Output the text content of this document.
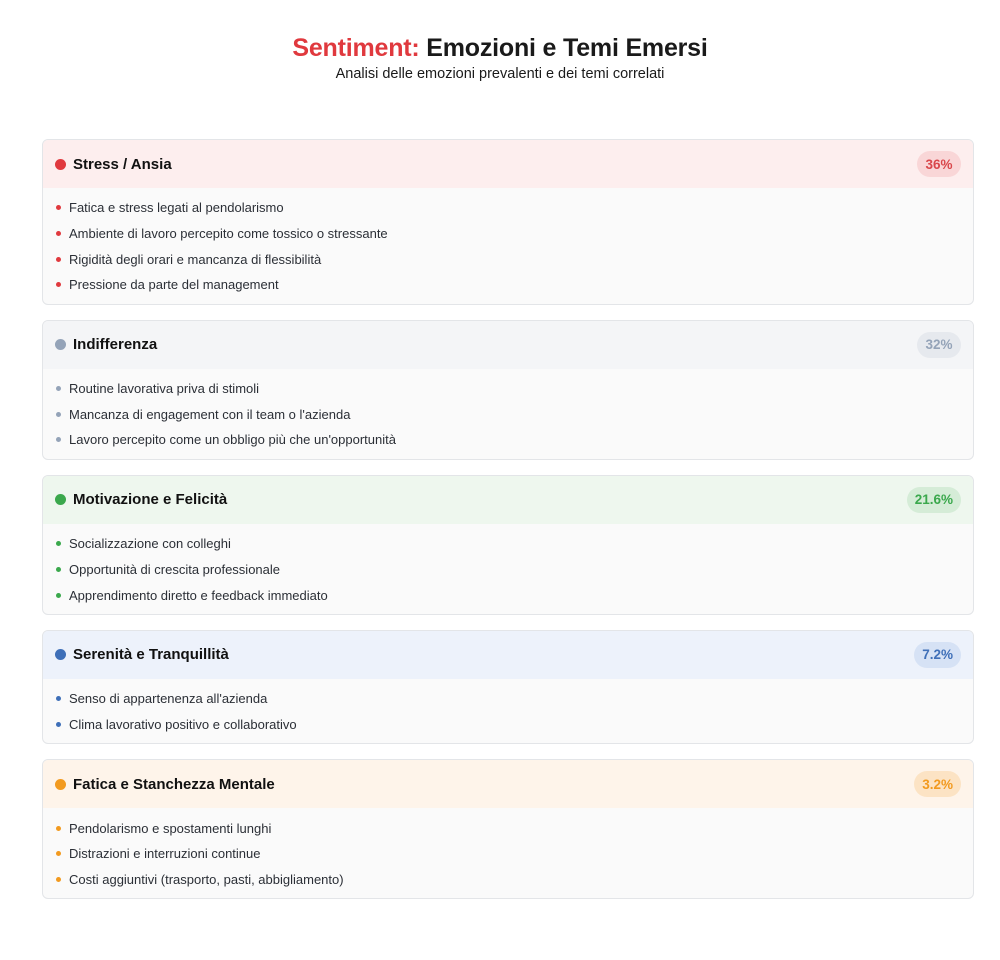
Sentiment: Emozioni e Temi Emersi
Analisi delle emozioni prevalenti e dei temi correlati
Stress / Ansia	36%
Fatica e stress legati al pendolarismo
Ambiente di lavoro percepito come tossico o stressante
Rigidità degli orari e mancanza di flessibilità
Pressione da parte del management
Indifferenza	32%
Routine lavorativa priva di stimoli
Mancanza di engagement con il team o l'azienda
Lavoro percepito come un obbligo più che un'opportunità
Motivazione e Felicità	21.6%
Socializzazione con colleghi
Opportunità di crescita professionale
Apprendimento diretto e feedback immediato
Serenità e Tranquillità	7.2%
Senso di appartenenza all'azienda
Clima lavorativo positivo e collaborativo
Fatica e Stanchezza Mentale	3.2%
Pendolarismo e spostamenti lunghi
Distrazioni e interruzioni continue
Costi aggiuntivi (trasporto, pasti, abbigliamento)
